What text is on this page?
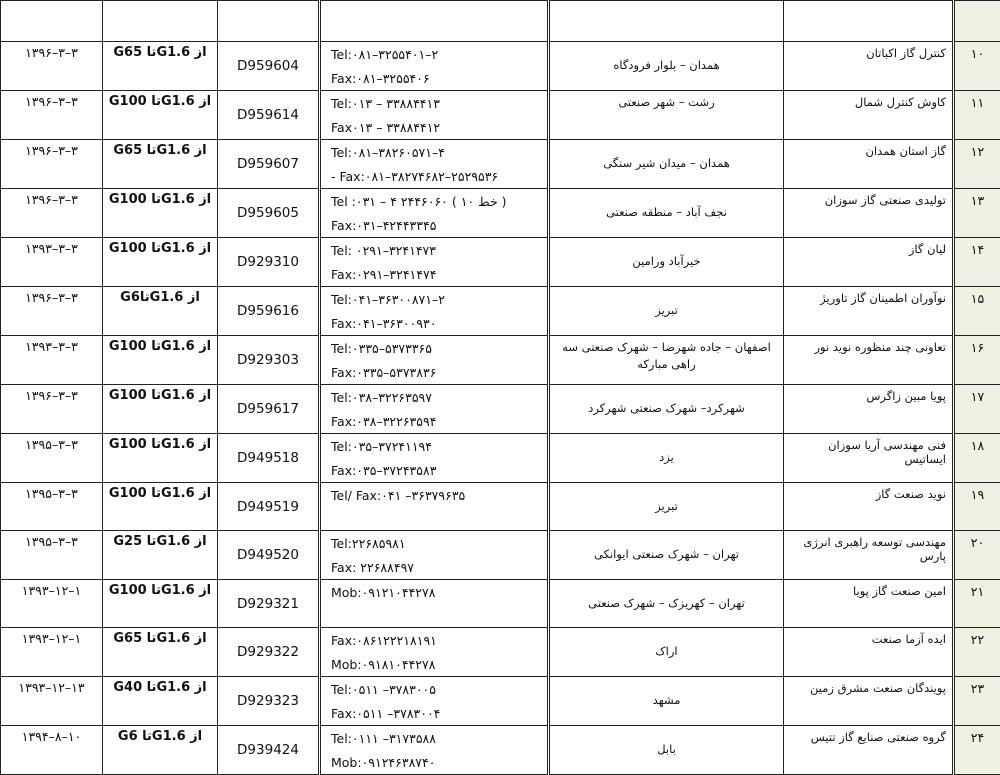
۱۳۹۶–۳–۳	از G1.6تا G65	D959604	Tel:۰۸۱–۳۲۵۵۴۰۱–۲
Fax:۰۸۱–۳۲۵۵۴۰۶	همدان – بلوار فرودگاه	کنترل گاز اکباتان	۱۰

۱۳۹۶–۳–۳	از G1.6تا G100	D959614	Tel:۰۱۳ – ۳۳۸۸۴۴۱۳
Fax۰۱۳ – ۳۳۸۸۴۴۱۲	رشت – شهر صنعتی	کاوش کنترل شمال	۱۱

۱۳۹۶–۳–۳	از G1.6تا G65	D959607	Tel:۰۸۱–۳۸۲۶۰۵۷۱–۴
- Fax:۰۸۱–۳۸۲۷۴۶۸۲–۲۵۲۹۵۳۶	همدان – میدان شیر سنگی	گاز استان همدان	۱۲

۱۳۹۶–۳–۳	از G1.6تا G100	D959605	Tel :۰۳۱ – ۴ ۲۴۴۶۰۶۰ ( ۱۰ خط )
Fax:۰۳۱–۴۲۴۴۳۳۴۵	نجف آباد – منطقه صنعتی	تولیدی صنعتی گاز سوزان	۱۳

۱۳۹۳–۳–۳	از G1.6تا G100	D929310	Tel: ۰۲۹۱–۳۲۴۱۴۷۳
Fax:۰۲۹۱–۳۲۴۱۴۷۴	خیرآباد ورامین	لیان گاز	۱۴

۱۳۹۶–۳–۳	از G1.6تاG6	D959616	Tel:۰۴۱–۳۶۳۰۰۸۷۱–۲
Fax:۰۴۱–۳۶۳۰۰۹۳۰	تبریز	نوآوران اطمینان گاز تاوریژ	۱۵

۱۳۹۳–۳–۳	از G1.6تا G100	D929303	Tel:۰۳۳۵–۵۳۷۳۳۶۵
Fax:۰۳۳۵–۵۳۷۳۸۳۶	اصفهان – جاده شهرضا – شهرک صنعتی سه راهی مبارکه	تعاونی چند منظوره نوید نور	۱۶

۱۳۹۶–۳–۳	از G1.6تا G100	D959617	Tel:۰۳۸–۳۲۲۶۳۵۹۷
Fax:۰۳۸–۳۲۲۶۳۵۹۴	شهرکرد– شهرک صنعتی شهرکرد	پویا مبین زاگرس	۱۷

۱۳۹۵–۳–۳	از G1.6تا G100	D949518	Tel:۰۳۵–۳۷۲۴۱۱۹۴
Fax:۰۳۵–۳۷۲۴۳۵۸۳	یزد	فنی مهندسی آریا سوزان ایساتیس	۱۸

۱۳۹۵–۳–۳	از G1.6تا G100	D949519	Tel/ Fax:۰۴۱ –۳۶۳۷۹۶۳۵	تبریز	نوید صنعت گاز	۱۹

۱۳۹۵–۳–۳	از G1.6تا G25	D949520	Tel:۲۲۶۸۵۹۸۱
Fax: ۲۲۶۸۸۴۹۷	تهران – شهرک صنعتی ایوانکی	مهندسی توسعه راهبری انرژی پارس	۲۰

۱۳۹۳–۱۲–۱	از G1.6تا G100	D929321	Mob:۰۹۱۲۱۰۴۴۲۷۸	تهران – کهریزک – شهرک صنعتی	امین صنعت گاز پویا	۲۱

۱۳۹۳–۱۲–۱	از G1.6تا G65	D929322	Fax:۰۸۶۱۲۲۲۱۸۱۹۱
Mob:۰۹۱۸۱۰۴۴۲۷۸	اراک	ایده آزما صنعت	۲۲

۱۳۹۳–۱۲–۱۳	از G1.6تا G40	D929323	Tel:۰۵۱۱ –۳۷۸۳۰۰۵
Fax:۰۵۱۱ –۳۷۸۳۰۰۴	مشهد	پویندگان صنعت مشرق زمین	۲۳

۱۳۹۴–۸–۱۰	از G1.6تا G6	D939424	Tel:۰۱۱۱ –۳۱۷۳۵۸۸
Mob:۰۹۱۲۴۶۳۸۷۴۰	بابل	گروه صنعتی صنایع گاز تتیس	۲۴
